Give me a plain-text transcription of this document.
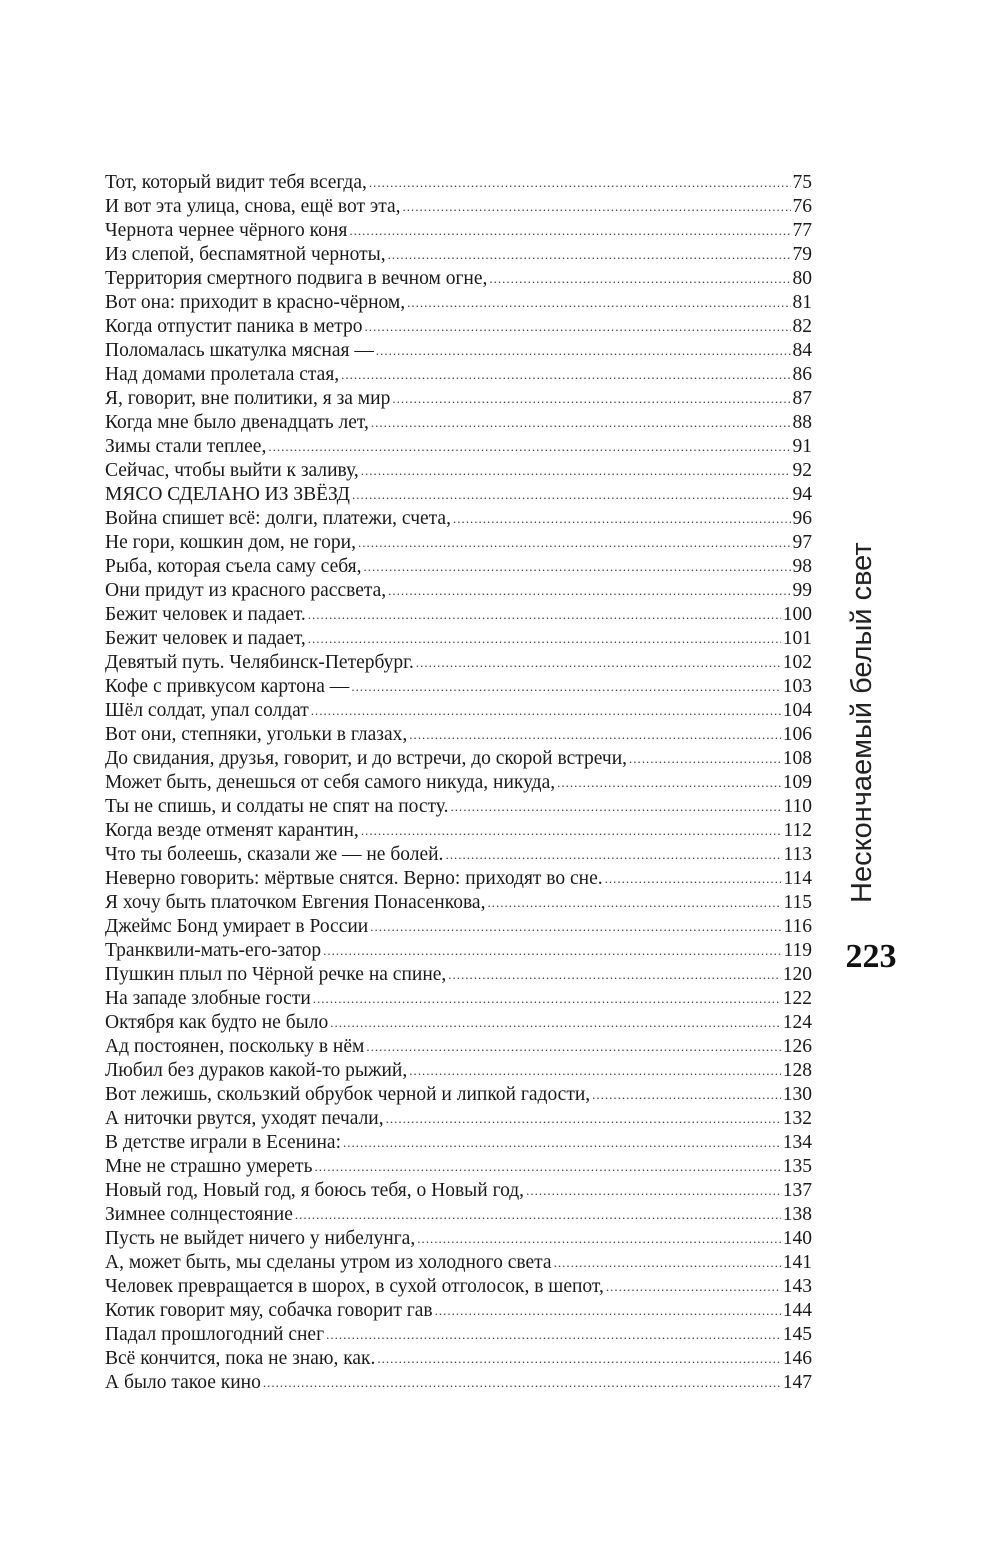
Тот, который видит тебя всегда, .....	75
И вот эта улица, снова, ещё вот эта, .....	76
Чернота чернее чёрного коня .....	77
Из слепой, беспамятной черноты, .....	79
Территория смертного подвига в вечном огне, .....	80
Вот она: приходит в красно-чёрном, .....	81
Когда отпустит паника в метро .....	82
Поломалась шкатулка мясная — .....	84
Над домами пролетала стая, .....	86
Я, говорит, вне политики, я за мир .....	87
Когда мне было двенадцать лет, .....	88
Зимы стали теплее, .....	91
Сейчас, чтобы выйти к заливу, .....	92
МЯСО СДЕЛАНО ИЗ ЗВЁЗД .....	94
Война спишет всё: долги, платежи, счета, .....	96
Не гори, кошкин дом, не гори, .....	97
Рыба, которая съела саму себя, .....	98
Они придут из красного рассвета, .....	99
Бежит человек и падает. .....	100
Бежит человек и падает, .....	101
Девятый путь. Челябинск-Петербург. .....	102
Кофе с привкусом картона — .....	103
Шёл солдат, упал солдат .....	104
Вот они, степняки, угольки в глазах, .....	106
До свидания, друзья, говорит, и до встречи, до скорой встречи, .....	108
Может быть, денешься от себя самого никуда, никуда, .....	109
Ты не спишь, и солдаты не спят на посту. .....	110
Когда везде отменят карантин, .....	112
Что ты болеешь, сказали же — не болей. .....	113
Неверно говорить: мёртвые снятся. Верно: приходят во сне. .....	114
Я хочу быть платочком Евгения Понасенкова, .....	115
Джеймс Бонд умирает в России .....	116
Транквили-мать-его-затор .....	119
Пушкин плыл по Чёрной речке на спине, .....	120
На западе злобные гости .....	122
Октября как будто не было .....	124
Ад постоянен, поскольку в нём .....	126
Любил без дураков какой-то рыжий, .....	128
Вот лежишь, скользкий обрубок черной и липкой гадости, .....	130
А ниточки рвутся, уходят печали, .....	132
В детстве играли в Есенина: .....	134
Мне не страшно умереть .....	135
Новый год, Новый год, я боюсь тебя, о Новый год, .....	137
Зимнее солнцестояние .....	138
Пусть не выйдет ничего у нибелунга, .....	140
А, может быть, мы сделаны утром из холодного света .....	141
Человек превращается в шорох, в сухой отголосок, в шепот, .....	143
Котик говорит мяу, собачка говорит гав .....	144
Падал прошлогодний снег .....	145
Всё кончится, пока не знаю, как. .....	146
А было такое кино .....	147
Нескончаемый белый свет
223
